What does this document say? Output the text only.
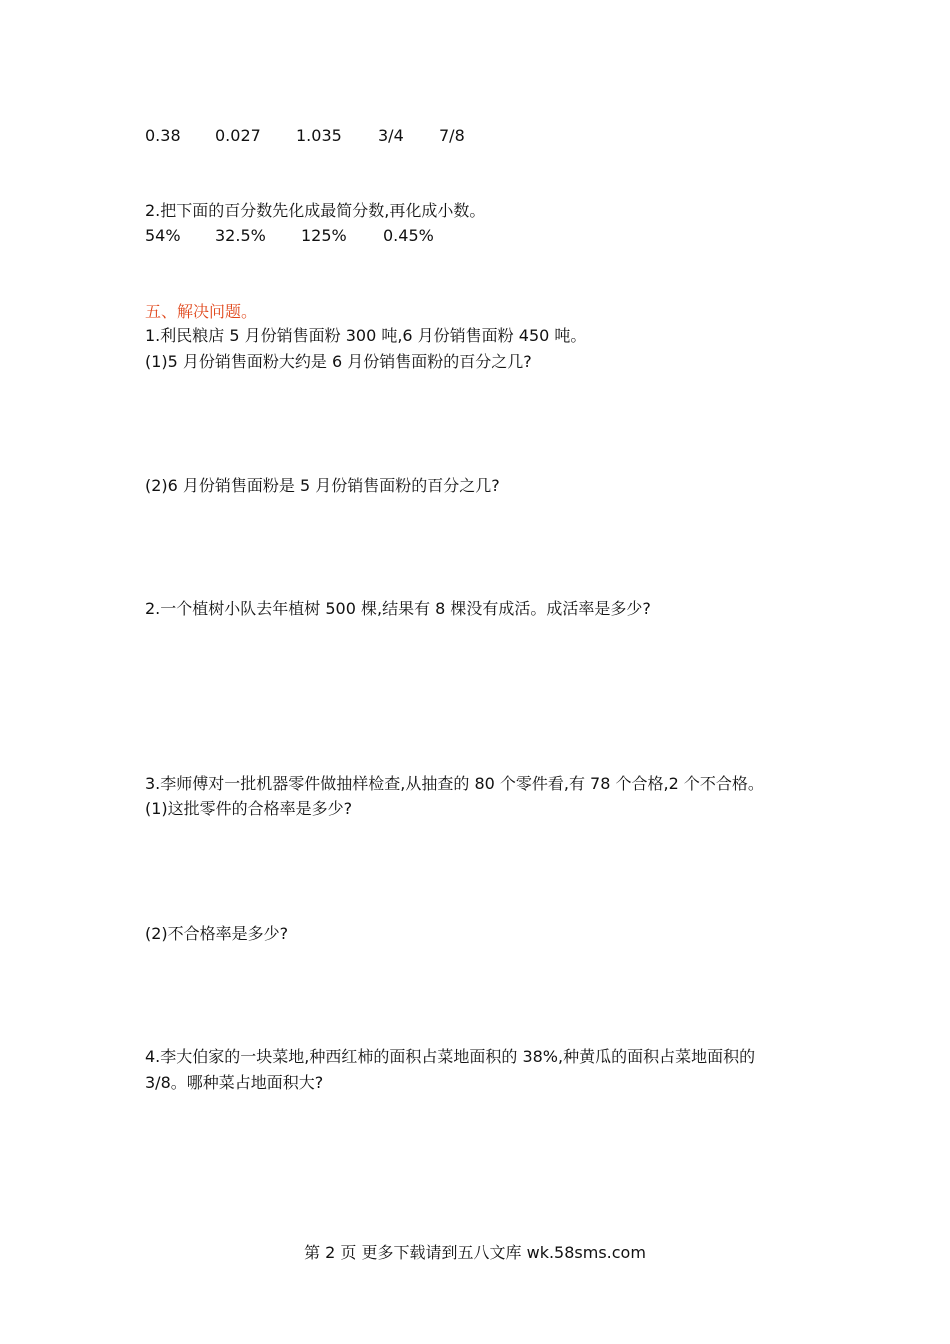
0.38 0.027 1.035 3/4 7/8
2.把下面的百分数先化成最简分数,再化成小数。
54% 32.5% 125% 0.45%
五、解决问题。
1.利民粮店 5 月份销售面粉 300 吨,6 月份销售面粉 450 吨。
(1)5 月份销售面粉大约是 6 月份销售面粉的百分之几?
(2)6 月份销售面粉是 5 月份销售面粉的百分之几?
2.一个植树小队去年植树 500 棵,结果有 8 棵没有成活。成活率是多少?
3.李师傅对一批机器零件做抽样检查,从抽查的 80 个零件看,有 78 个合格,2 个不合格。
(1)这批零件的合格率是多少?
(2)不合格率是多少?
4.李大伯家的一块菜地,种西红柿的面积占菜地面积的 38%,种黄瓜的面积占菜地面积的
3/8。哪种菜占地面积大?
第 2 页 更多下载请到五八文库 wk.58sms.com
